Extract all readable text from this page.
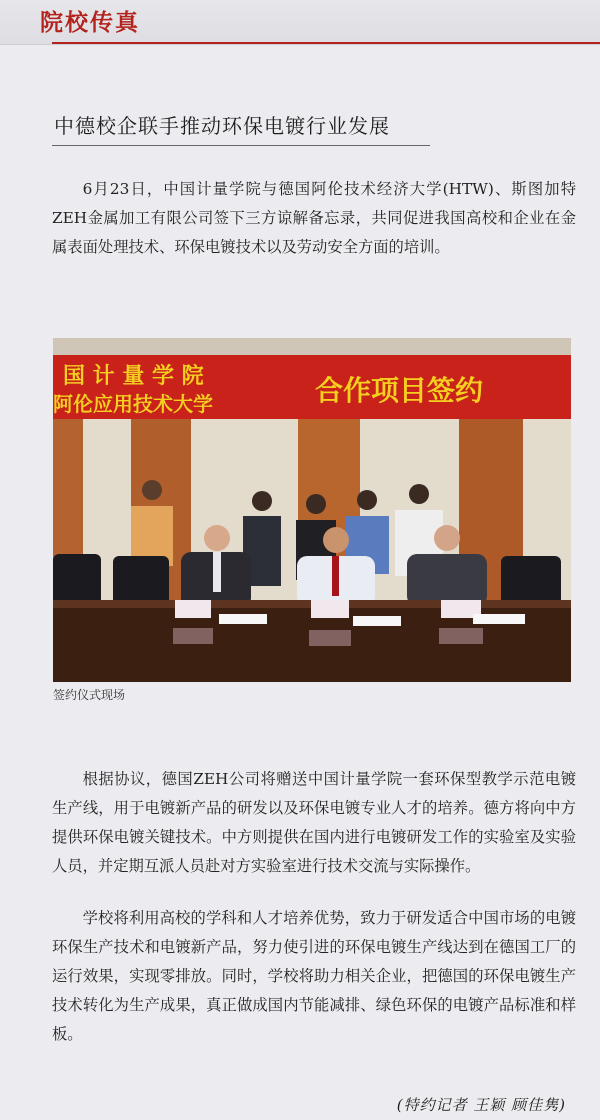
院校传真
中德校企联手推动环保电镀行业发展
6月23日，中国计量学院与德国阿伦技术经济大学(HTW)、斯图加特ZEH金属加工有限公司签下三方谅解备忘录，共同促进我国高校和企业在金属表面处理技术、环保电镀技术以及劳动安全方面的培训。
国 计 量 学 院
阿伦应用技术大学	合作项目签约
签约仪式现场
根据协议，德国ZEH公司将赠送中国计量学院一套环保型教学示范电镀生产线，用于电镀新产品的研发以及环保电镀专业人才的培养。德方将向中方提供环保电镀关键技术。中方则提供在国内进行电镀研发工作的实验室及实验人员，并定期互派人员赴对方实验室进行技术交流与实际操作。
学校将利用高校的学科和人才培养优势，致力于研发适合中国市场的电镀环保生产技术和电镀新产品，努力使引进的环保电镀生产线达到在德国工厂的运行效果，实现零排放。同时，学校将助力相关企业，把德国的环保电镀生产技术转化为生产成果，真正做成国内节能减排、绿色环保的电镀产品标准和样板。
(特约记者 王颖 顾佳隽)
